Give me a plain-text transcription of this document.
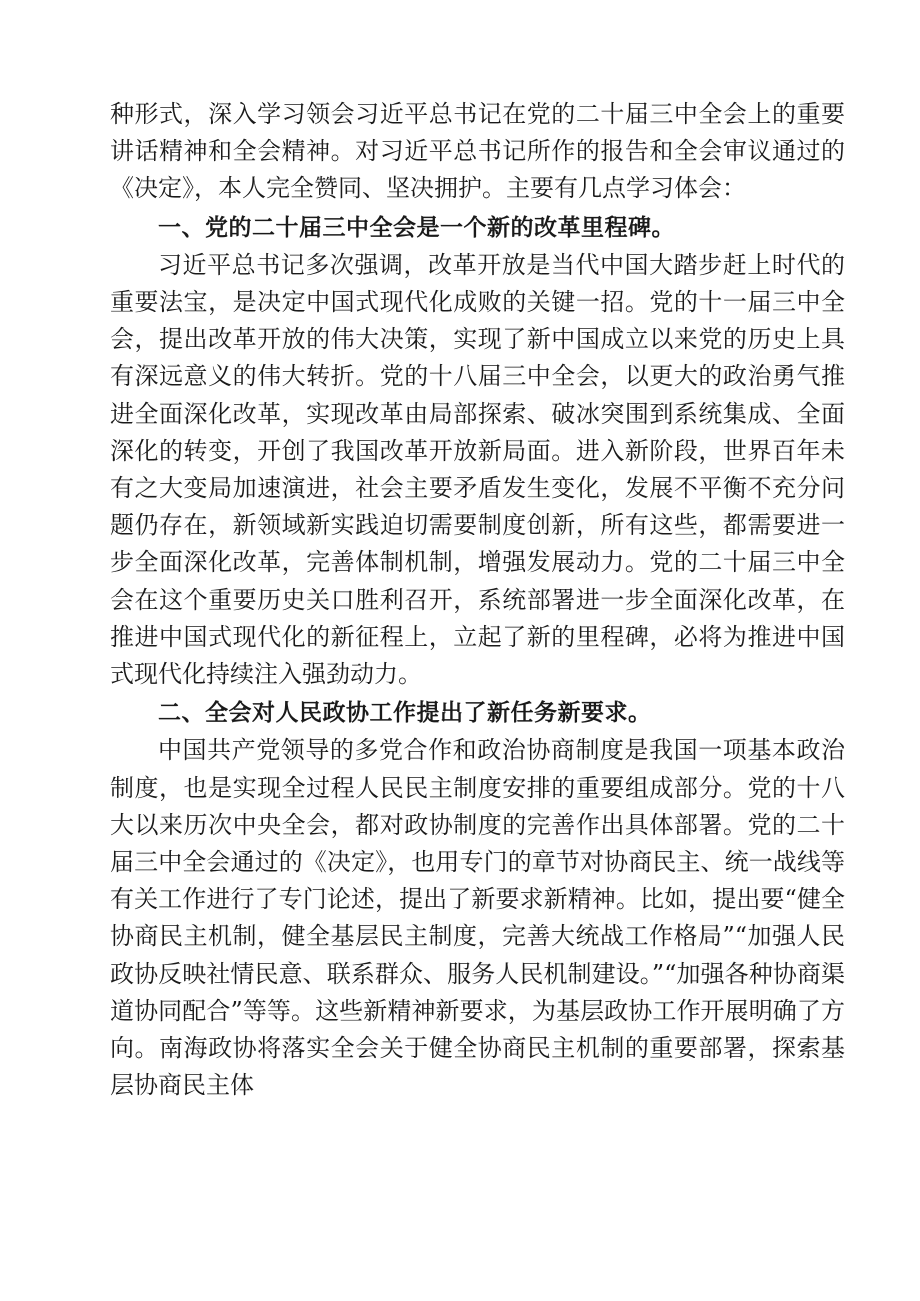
种形式，深入学习领会习近平总书记在党的二十届三中全会上的重要讲话精神和全会精神。对习近平总书记所作的报告和全会审议通过的《决定》，本人完全赞同、坚决拥护。主要有几点学习体会：

一、党的二十届三中全会是一个新的改革里程碑。

习近平总书记多次强调，改革开放是当代中国大踏步赶上时代的重要法宝，是决定中国式现代化成败的关键一招。党的十一届三中全会，提出改革开放的伟大决策，实现了新中国成立以来党的历史上具有深远意义的伟大转折。党的十八届三中全会，以更大的政治勇气推进全面深化改革，实现改革由局部探索、破冰突围到系统集成、全面深化的转变，开创了我国改革开放新局面。进入新阶段，世界百年未有之大变局加速演进，社会主要矛盾发生变化，发展不平衡不充分问题仍存在，新领域新实践迫切需要制度创新，所有这些，都需要进一步全面深化改革，完善体制机制，增强发展动力。党的二十届三中全会在这个重要历史关口胜利召开，系统部署进一步全面深化改革，在推进中国式现代化的新征程上，立起了新的里程碑，必将为推进中国式现代化持续注入强劲动力。

二、全会对人民政协工作提出了新任务新要求。

中国共产党领导的多党合作和政治协商制度是我国一项基本政治制度，也是实现全过程人民民主制度安排的重要组成部分。党的十八大以来历次中央全会，都对政协制度的完善作出具体部署。党的二十届三中全会通过的《决定》，也用专门的章节对协商民主、统一战线等有关工作进行了专门论述，提出了新要求新精神。比如，提出要“健全协商民主机制，健全基层民主制度，完善大统战工作格局”“加强人民政协反映社情民意、联系群众、服务人民机制建设。”“加强各种协商渠道协同配合”等等。这些新精神新要求，为基层政协工作开展明确了方向。南海政协将落实全会关于健全协商民主机制的重要部署，探索基层协商民主体
